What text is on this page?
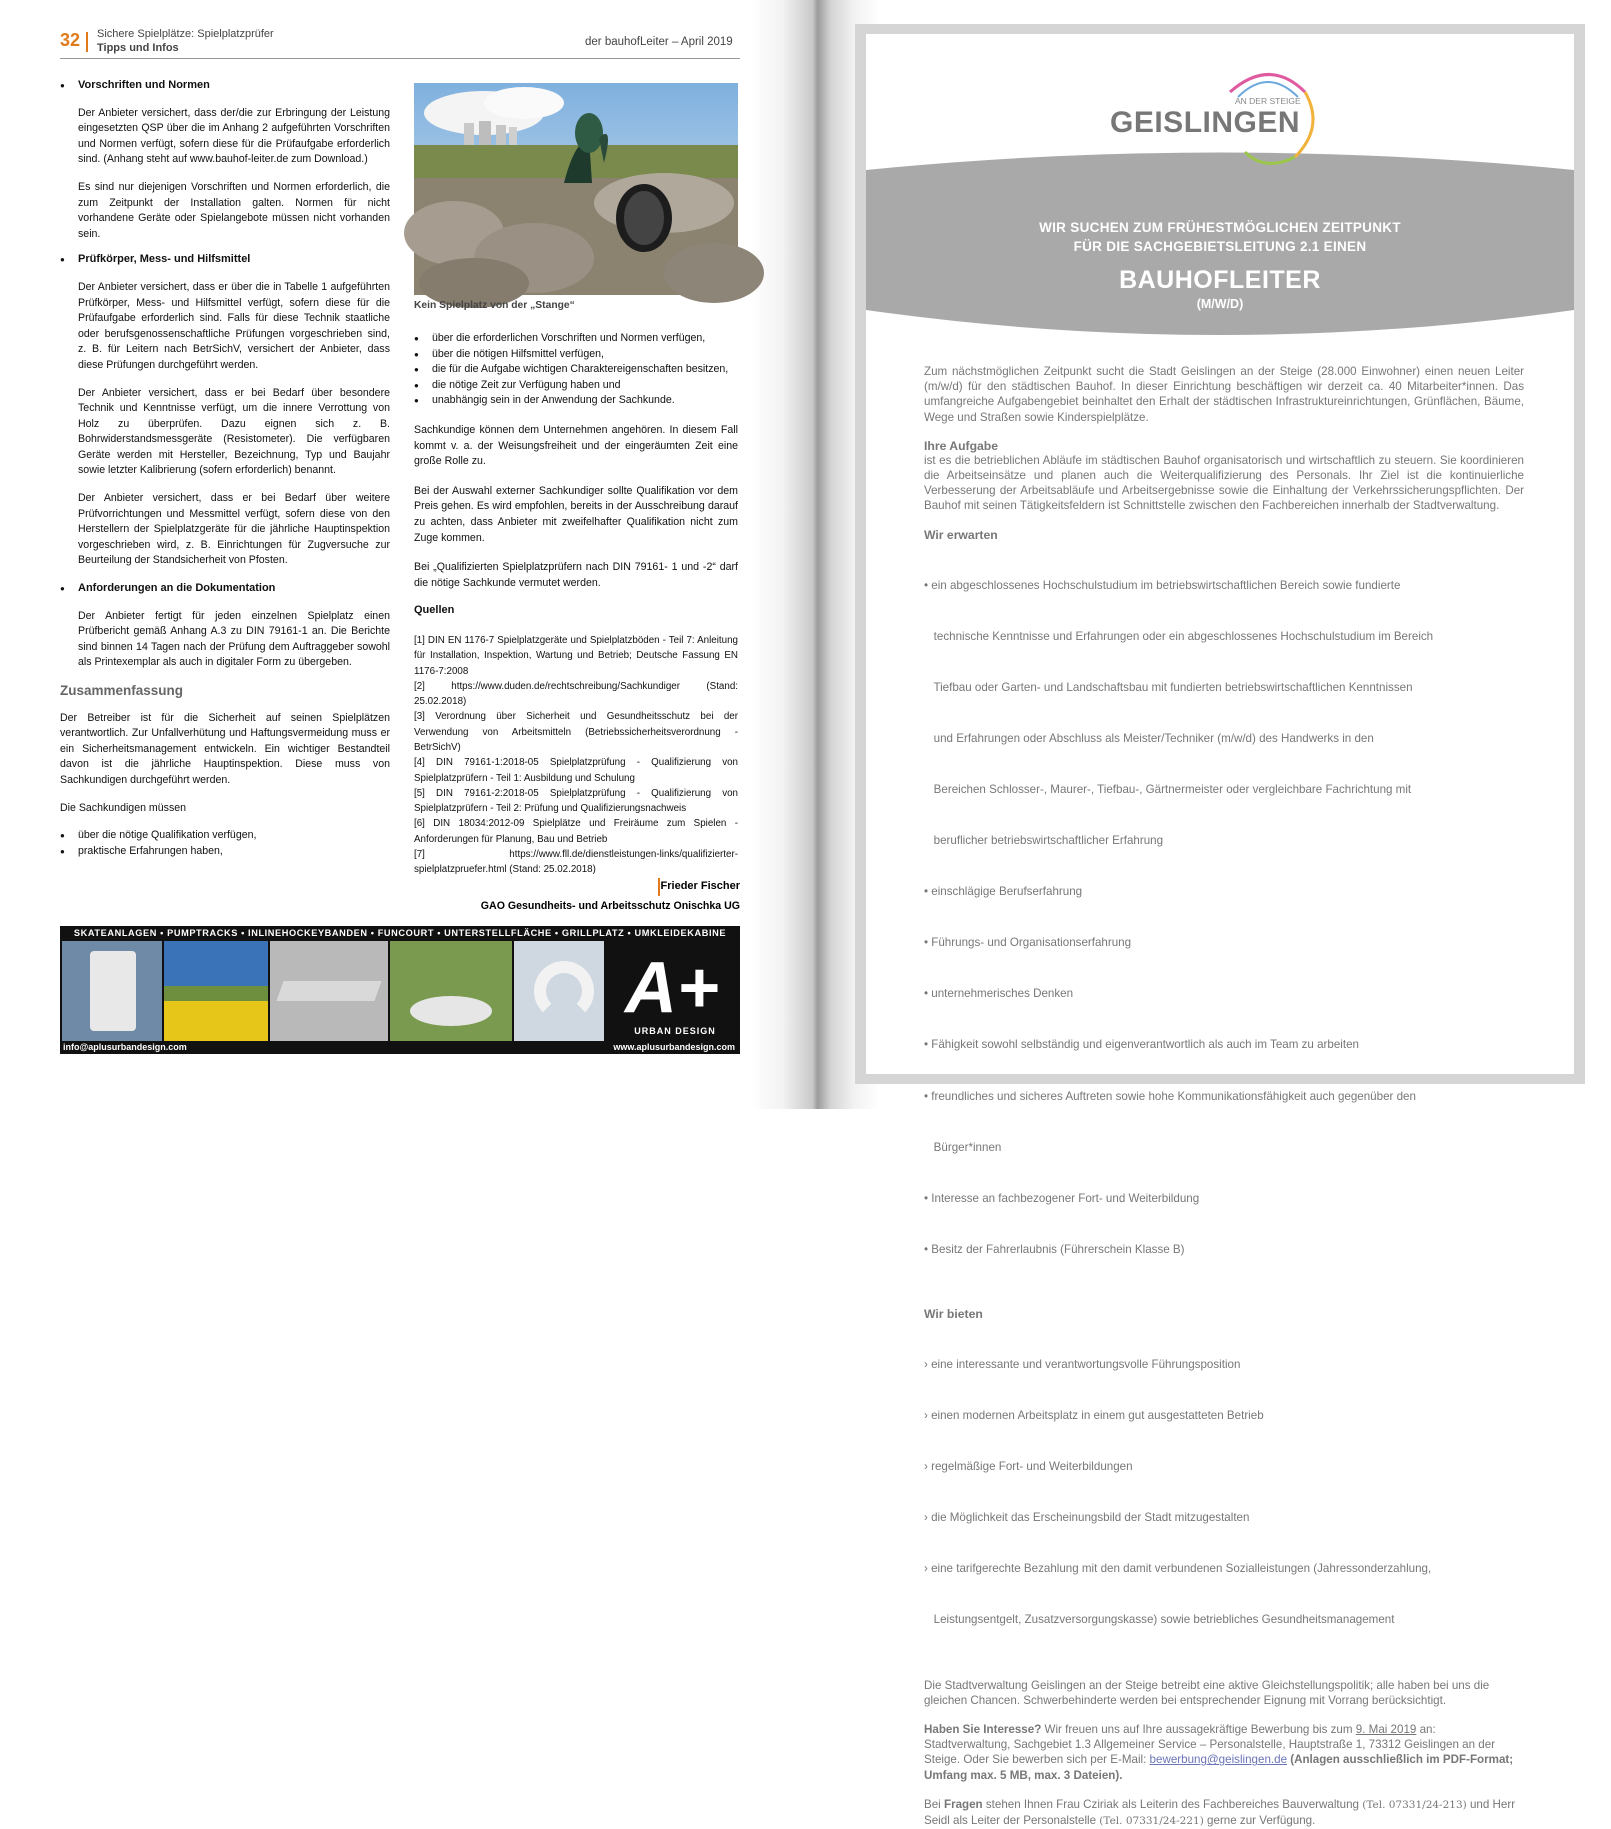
32 Sichere Spielplätze: Spielplatzprüfer
Tipps und Infos	der bauhofLeiter – April 2019
● Vorschriften und Normen

Der Anbieter versichert, dass der/die zur Erbringung der Leistung eingesetzten QSP über die im Anhang 2 aufgeführten Vorschriften und Normen verfügt, sofern diese für die Prüfaufgabe erforderlich sind. (Anhang steht auf www.bauhof-leiter.de zum Download.)

Es sind nur diejenigen Vorschriften und Normen erforderlich, die zum Zeitpunkt der Installation galten. Normen für nicht vorhandene Geräte oder Spielangebote müssen nicht vorhanden sein.

● Prüfkörper, Mess- und Hilfsmittel

Der Anbieter versichert, dass er über die in Tabelle 1 aufgeführten Prüfkörper, Mess- und Hilfsmittel verfügt, sofern diese für die Prüfaufgabe erforderlich sind. Falls für diese Technik staatliche oder berufsgenossenschaftliche Prüfungen vorgeschrieben sind, z. B. für Leitern nach BetrSichV, versichert der Anbieter, dass diese Prüfungen durchgeführt werden.

Der Anbieter versichert, dass er bei Bedarf über besondere Technik und Kenntnisse verfügt, um die innere Verrottung von Holz zu überprüfen. Dazu eignen sich z. B. Bohrwiderstandsmessgeräte (Resistometer). Die verfügbaren Geräte werden mit Hersteller, Bezeichnung, Typ und Baujahr sowie letzter Kalibrierung (sofern erforderlich) benannt.

Der Anbieter versichert, dass er bei Bedarf über weitere Prüfvorrichtungen und Messmittel verfügt, sofern diese von den Herstellern der Spielplatzgeräte für die jährliche Hauptinspektion vorgeschrieben wird, z. B. Einrichtungen für Zugversuche zur Beurteilung der Standsicherheit von Pfosten.

● Anforderungen an die Dokumentation

Der Anbieter fertigt für jeden einzelnen Spielplatz einen Prüfbericht gemäß Anhang A.3 zu DIN 79161-1 an. Die Berichte sind binnen 14 Tagen nach der Prüfung dem Auftraggeber sowohl als Printexemplar als auch in digitaler Form zu übergeben.

Zusammenfassung

Der Betreiber ist für die Sicherheit auf seinen Spielplätzen verantwortlich. Zur Unfallverhütung und Haftungsvermeidung muss er ein Sicherheitsmanagement entwickeln. Ein wichtiger Bestandteil davon ist die jährliche Hauptinspektion. Diese muss von Sachkundigen durchgeführt werden.

Die Sachkundigen müssen

● über die nötige Qualifikation verfügen,
● praktische Erfahrungen haben,
Kein Spielplatz von der „Stange“
● über die erforderlichen Vorschriften und Normen verfügen,
● über die nötigen Hilfsmittel verfügen,
● die für die Aufgabe wichtigen Charaktereigenschaften besitzen,
● die nötige Zeit zur Verfügung haben und
● unabhängig sein in der Anwendung der Sachkunde.

Sachkundige können dem Unternehmen angehören. In diesem Fall kommt v. a. der Weisungsfreiheit und der eingeräumten Zeit eine große Rolle zu.

Bei der Auswahl externer Sachkundiger sollte Qualifikation vor dem Preis gehen. Es wird empfohlen, bereits in der Ausschreibung darauf zu achten, dass Anbieter mit zweifelhafter Qualifikation nicht zum Zuge kommen.

Bei „Qualifizierten Spielplatzprüfern nach DIN 79161- 1 und -2“ darf die nötige Sachkunde vermutet werden.

Quellen
[1] DIN EN 1176-7 Spielplatzgeräte und Spielplatzböden - Teil 7: Anleitung für Installation, Inspektion, Wartung und Betrieb; Deutsche Fassung EN 1176-7:2008
[2] https://www.duden.de/rechtschreibung/Sachkundiger (Stand: 25.02.2018)
[3] Verordnung über Sicherheit und Gesundheitsschutz bei der Verwendung von Arbeitsmitteln (Betriebssicherheitsverordnung - BetrSichV)
[4] DIN 79161-1:2018-05 Spielplatzprüfung - Qualifizierung von Spielplatzprüfern - Teil 1: Ausbildung und Schulung
[5] DIN 79161-2:2018-05 Spielplatzprüfung - Qualifizierung von Spielplatzprüfern - Teil 2: Prüfung und Qualifizierungsnachweis
[6] DIN 18034:2012-09 Spielplätze und Freiräume zum Spielen - Anforderungen für Planung, Bau und Betrieb
[7] https://www.fll.de/dienstleistungen-links/qualifizierter-spielplatzpruefer.html (Stand: 25.02.2018)
Frieder Fischer
GAO Gesundheits- und Arbeitsschutz Onischka UG
SKATEANLAGEN • PUMPTRACKS • INLINEHOCKEYBANDEN • FUNCOURT • UNTERSTELLFLÄCHE • GRILLPLATZ • UMKLEIDEKABINE
A+
URBAN DESIGN
info@aplusurbandesign.com	www.aplusurbandesign.com
AN DER STEIGE
GEISLINGEN
WIR SUCHEN ZUM FRÜHESTMÖGLICHEN ZEITPUNKT
FÜR DIE SACHGEBIETSLEITUNG 2.1 EINEN
BAUHOFLEITER
(M/W/D)

Zum nächstmöglichen Zeitpunkt sucht die Stadt Geislingen an der Steige (28.000 Einwohner) einen neuen Leiter (m/w/d) für den städtischen Bauhof. In dieser Einrichtung beschäftigen wir derzeit ca. 40 Mitarbeiter*innen. Das umfangreiche Aufgabengebiet beinhaltet den Erhalt der städtischen Infrastruktureinrichtungen, Grünflächen, Bäume, Wege und Straßen sowie Kinderspielplätze.

Ihre Aufgabe

ist es die betrieblichen Abläufe im städtischen Bauhof organisatorisch und wirtschaftlich zu steuern. Sie koordinieren die Arbeitseinsätze und planen auch die Weiterqualifizierung des Personals. Ihr Ziel ist die kontinuierliche Verbesserung der Arbeitsabläufe und Arbeitsergebnisse sowie die Einhaltung der Verkehrssicherungspflichten. Der Bauhof mit seinen Tätigkeitsfeldern ist Schnittstelle zwischen den Fachbereichen innerhalb der Stadtverwaltung.

Wir erwarten

• ein abgeschlossenes Hochschulstudium im betriebswirtschaftlichen Bereich sowie fundierte

technische Kenntnisse und Erfahrungen oder ein abgeschlossenes Hochschulstudium im Bereich

Tiefbau oder Garten- und Landschaftsbau mit fundierten betriebswirtschaftlichen Kenntnissen

und Erfahrungen oder Abschluss als Meister/Techniker (m/w/d) des Handwerks in den

Bereichen Schlosser-, Maurer-, Tiefbau-, Gärtnermeister oder vergleichbare Fachrichtung mit

beruflicher betriebswirtschaftlicher Erfahrung

• einschlägige Berufserfahrung

• Führungs- und Organisationserfahrung

• unternehmerisches Denken

• Fähigkeit sowohl selbständig und eigenverantwortlich als auch im Team zu arbeiten

• freundliches und sicheres Auftreten sowie hohe Kommunikationsfähigkeit auch gegenüber den

Bürger*innen

• Interesse an fachbezogener Fort- und Weiterbildung

• Besitz der Fahrerlaubnis (Führerschein Klasse B)

Wir bieten

› eine interessante und verantwortungsvolle Führungsposition

› einen modernen Arbeitsplatz in einem gut ausgestatteten Betrieb

› regelmäßige Fort- und Weiterbildungen

› die Möglichkeit das Erscheinungsbild der Stadt mitzugestalten

› eine tarifgerechte Bezahlung mit den damit verbundenen Sozialleistungen (Jahressonderzahlung,

Leistungsentgelt, Zusatzversorgungskasse) sowie betriebliches Gesundheitsmanagement

Die Stadtverwaltung Geislingen an der Steige betreibt eine aktive Gleichstellungspolitik; alle haben bei uns die gleichen Chancen. Schwerbehinderte werden bei entsprechender Eignung mit Vorrang berücksichtigt.

Haben Sie Interesse? Wir freuen uns auf Ihre aussagekräftige Bewerbung bis zum 9. Mai 2019 an: Stadtverwaltung, Sachgebiet 1.3 Allgemeiner Service – Personalstelle, Hauptstraße 1, 73312 Geislingen an der Steige. Oder Sie bewerben sich per E-Mail: bewerbung@geislingen.de (Anlagen ausschließlich im PDF-Format; Umfang max. 5 MB, max. 3 Dateien).

Bei Fragen stehen Ihnen Frau Cziriak als Leiterin des Fachbereiches Bauverwaltung (Tel. 07331/24-213) und Herr Seidl als Leiter der Personalstelle (Tel. 07331/24-221) gerne zur Verfügung.
